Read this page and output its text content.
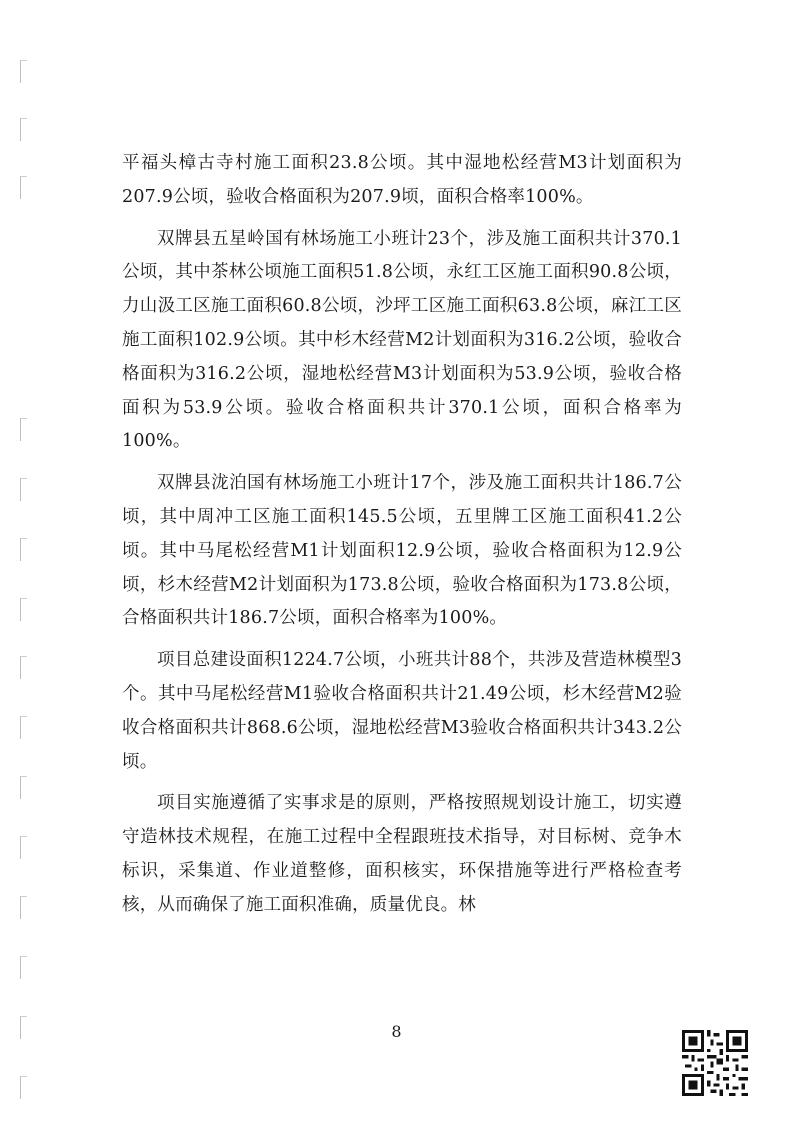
平福头樟古寺村施工面积23.8公顷。其中湿地松经营M3计划面积为207.9公顷，验收合格面积为207.9顷，面积合格率100%。

双牌县五星岭国有林场施工小班计23个，涉及施工面积共计370.1公顷，其中茶林公顷施工面积51.8公顷，永红工区施工面积90.8公顷，力山汲工区施工面积60.8公顷，沙坪工区施工面积63.8公顷，麻江工区施工面积102.9公顷。其中杉木经营M2计划面积为316.2公顷，验收合格面积为316.2公顷，湿地松经营M3计划面积为53.9公顷，验收合格面积为53.9公顷。验收合格面积共计370.1公顷，面积合格率为100%。

双牌县泷泊国有林场施工小班计17个，涉及施工面积共计186.7公顷，其中周冲工区施工面积145.5公顷，五里牌工区施工面积41.2公顷。其中马尾松经营M1计划面积12.9公顷，验收合格面积为12.9公顷，杉木经营M2计划面积为173.8公顷，验收合格面积为173.8公顷，合格面积共计186.7公顷，面积合格率为100%。

项目总建设面积1224.7公顷，小班共计88个，共涉及营造林模型3个。其中马尾松经营M1验收合格面积共计21.49公顷，杉木经营M2验收合格面积共计868.6公顷，湿地松经营M3验收合格面积共计343.2公顷。

项目实施遵循了实事求是的原则，严格按照规划设计施工，切实遵守造林技术规程，在施工过程中全程跟班技术指导，对目标树、竞争木标识，采集道、作业道整修，面积核实，环保措施等进行严格检查考核，从而确保了施工面积准确，质量优良。林

8
